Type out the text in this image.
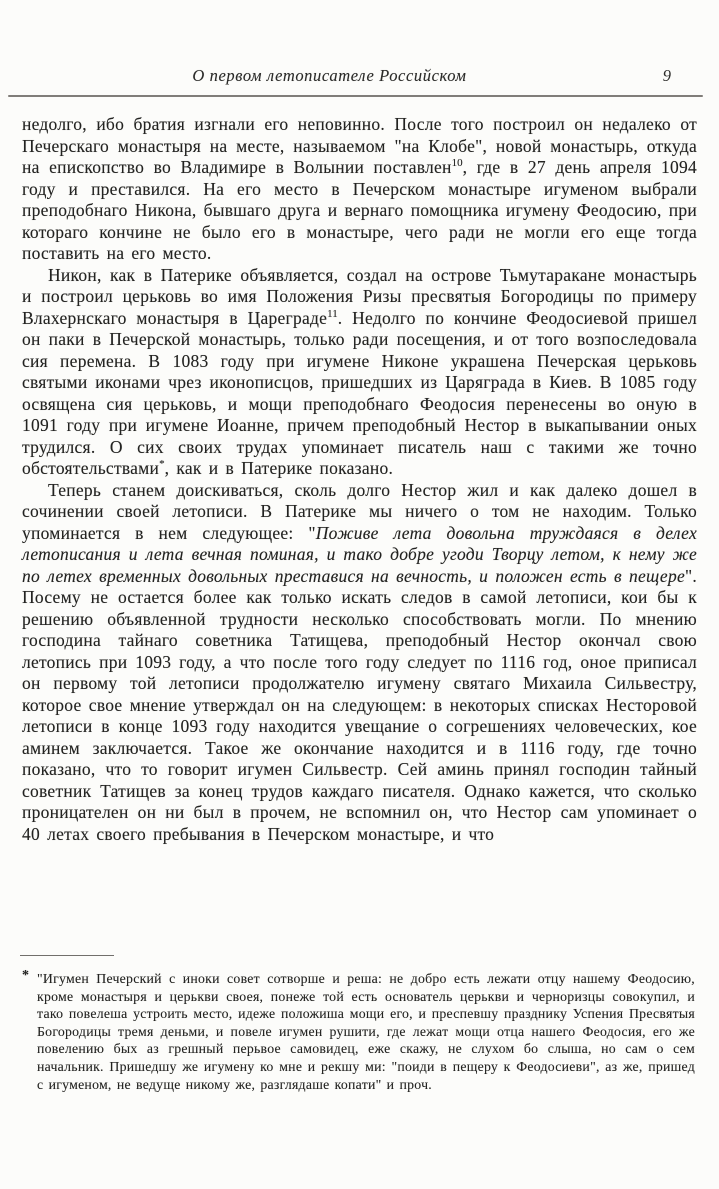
О первом летописателе Российском	9

недолго, ибо братия изгнали его неповинно. После того построил он недалеко от Печерскаго монастыря на месте, называемом "на Клобе", новой монастырь, откуда на епископство во Владимире в Волынии поставлен$^{10}$, где в 27 день апреля 1094 году и преставился. На его место в Печерском монастыре игуменом выбрали преподобнаго Никона, бывшаго друга и вернаго помощника игумену Феодосию, при котораго кончине не было его в монастыре, чего ради не могли его еще тогда поставить на его место.

Никон, как в Патерике объявляется, создал на острове Тьмутаракане монастырь и построил церьковь во имя Положения Ризы пресвятыя Богородицы по примеру Влахернскаго монастыря в Цареграде$^{11}$. Недолго по кончине Феодосиевой пришел он паки в Печерской монастырь, только ради посещения, и от того возпоследовала сия перемена. В 1083 году при игумене Никоне украшена Печерская церьковь святыми иконами чрез иконописцов, пришедших из Царяграда в Киев. В 1085 году освящена сия церьковь, и мощи преподобнаго Феодосия перенесены во оную в 1091 году при игумене Иоанне, причем преподобный Нестор в выкапывании оных трудился. О сих своих трудах упоминает писатель наш с такими же точно обстоятельствами*, как и в Патерике показано.

Теперь станем доискиваться, сколь долго Нестор жил и как далеко дошел в сочинении своей летописи. В Патерике мы ничего о том не находим. Только упоминается в нем следующее: "Поживе лета довольна труждаяся в делех летописания и лета вечная поминая, и тако добре угоди Творцу летом, к нему же по летех временных довольных преставися на вечность, и положен есть в пещере". Посему не остается более как только искать следов в самой летописи, кои бы к решению объявленной трудности несколько способствовать могли. По мнению господина тайнаго советника Татищева, преподобный Нестор окончал свою летопись при 1093 году, а что после того году следует по 1116 год, оное приписал он первому той летописи продолжателю игумену святаго Михаила Сильвестру, которое свое мнение утверждал он на следующем: в некоторых списках Несторовой летописи в конце 1093 году находится увещание о согрешениях человеческих, кое аминем заключается. Такое же окончание находится и в 1116 году, где точно показано, что то говорит игумен Сильвестр. Сей аминь принял господин тайный советник Татищев за конец трудов каждаго писателя. Однако кажется, что сколько проницателен он ни был в прочем, не вспомнил он, что Нестор сам упоминает о 40 летах своего пребывания в Печерском монастыре, и что

* "Игумен Печерский с иноки совет сотворше и реша: не добро есть лежати отцу нашему Феодосию, кроме монастыря и церькви своея, понеже той есть основатель церькви и черноризцы совокупил, и тако повелеша устроить место, идеже положиша мощи его, и преспевшу празднику Успения Пресвятыя Богородицы тремя деньми, и повеле игумен рушити, где лежат мощи отца нашего Феодосия, его же повелению бых аз грешный перьвое самовидец, еже скажу, не слухом бо слыша, но сам о сем начальник. Пришедшу же игумену ко мне и рекшу ми: "поиди в пещеру к Феодосиеви", аз же, пришед с игуменом, не ведуще никому же, разглядаше копати" и проч.
